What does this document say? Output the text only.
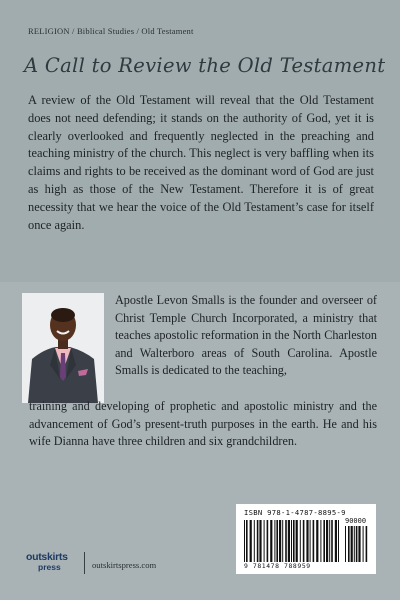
RELIGION / Biblical Studies / Old Testament
A Call to Review the Old Testament
A review of the Old Testament will reveal that the Old Testament does not need defending; it stands on the authority of God, yet it is clearly overlooked and frequently neglected in the preaching and teaching ministry of the church. This neglect is very baffling when its claims and rights to be received as the dominant word of God are just as high as those of the New Testament. Therefore it is of great necessity that we hear the voice of the Old Testament’s case for itself once again.
Apostle Levon Smalls is the founder and overseer of Christ Temple Church Incorporated, a ministry that teaches apostolic reformation in the North Charleston and Walterboro areas of South Carolina. Apostle Smalls is dedicated to the teaching,
training and developing of prophetic and apostolic ministry and the advancement of God’s present-truth purposes in the earth. He and his wife Dianna have three children and six grandchildren.
ISBN 978-1-4787-8895-9
90000
9 781478 788959
outskirts
press	outskirtspress.com
